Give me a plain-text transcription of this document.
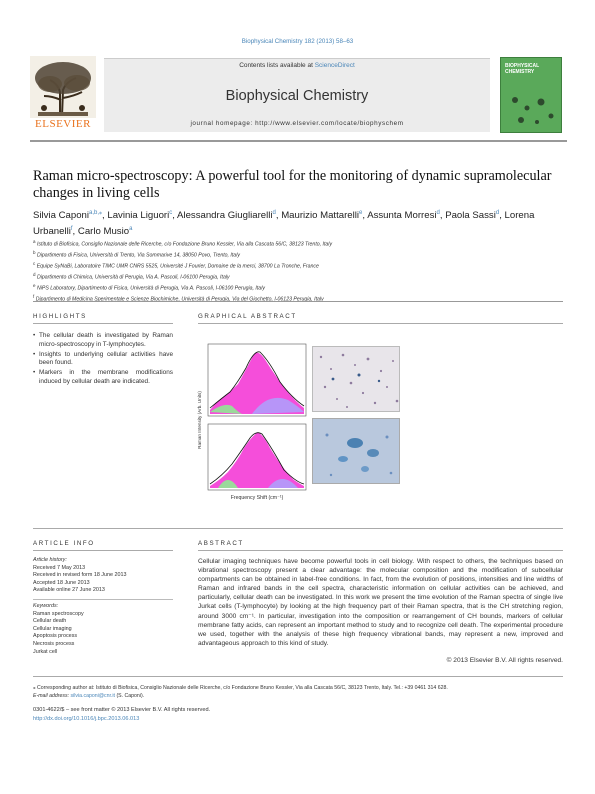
Biophysical Chemistry 182 (2013) 58–63
ELSEVIER
Contents lists available at ScienceDirect
Biophysical Chemistry
journal homepage: http://www.elsevier.com/locate/biophyschem
BIOPHYSICAL CHEMISTRY
Raman micro-spectroscopy: A powerful tool for the monitoring of dynamic supramolecular changes in living cells
Silvia Caponi$^{a,b,⁎}$, Lavinia Liguori$^c$, Alessandra Giugliarelli$^d$, Maurizio Mattarelli$^e$, Assunta Morresi$^d$, Paola Sassi$^d$, Lorena Urbanelli$^f$, Carlo Musio$^a$
$^a$ Istituto di Biofisica, Consiglio Nazionale delle Ricerche, c/o Fondazione Bruno Kessler, Via alla Cascata 56/C, 38123 Trento, Italy
$^b$ Dipartimento di Fisica, Università di Trento, Via Sommarive 14, 38050 Povo, Trento, Italy
$^c$ Equipe SyNaBi, Laboratoire TIMC UMR CNRS 5525, Université J Fourier, Domaine de la merci, 38700 La Tronche, France
$^d$ Dipartimento di Chimica, Università di Perugia, Via A. Pascoli, I-06100 Perugia, Italy
$^e$ NiPS Laboratory, Dipartimento di Fisica, Università di Perugia, Via A. Pascoli, I-06100 Perugia, Italy
$^f$ Dipartimento di Medicina Sperimentale e Scienze Biochimiche, Università di Perugia, Via del Giochetto, I-06123 Perugia, Italy
HIGHLIGHTS
• The cellular death is investigated by Raman micro-spectroscopy in T-lymphocytes.
• Insights to underlying cellular activities have been found.
• Markers in the membrane modifications induced by cellular death are indicated.
GRAPHICAL ABSTRACT
Raman Intensity (Arb. Units)
Frequency Shift (cm⁻¹)
ARTICLE INFO
Article history:
Received 7 May 2013
Received in revised form 18 June 2013
Accepted 18 June 2013
Available online 27 June 2013
Keywords:
Raman spectroscopy
Cellular death
Cellular imaging
Apoptosis process
Necrosis process
Jurkat cell
ABSTRACT
Cellular imaging techniques have become powerful tools in cell biology. With respect to others, the techniques based on vibrational spectroscopy present a clear advantage: the molecular composition and the modification of subcellular compartments can be obtained in label-free conditions. In fact, from the evolution of positions, intensities and line widths of Raman and infrared bands in the cell spectra, characteristic information on cellular activities can be achieved, and particularly, cellular death can be investigated. In this work we present the time evolution of the Raman spectra of single live Jurkat cells (T-lymphocyte) by looking at the high frequency part of their Raman spectra, that is the CH stretching region, around 3000 cm⁻¹. In particular, investigation into the composition or rearrangement of CH bounds, markers of cellular membrane fatty acids, can represent an important method to study and to recognize cell death. The experimental procedure we used, together with the analysis of these high frequency vibrational bands, may represent a new, improved and advantageous approach to this kind of study.
© 2013 Elsevier B.V. All rights reserved.
⁎ Corresponding author at: Istituto di Biofisica, Consiglio Nazionale delle Ricerche, c/o Fondazione Bruno Kessler, Via alla Cascata 56/C, 38123 Trento, Italy. Tel.: +39 0461 314 628.
E-mail address: silvia.caponi@cnr.it (S. Caponi).
0301-4622/$ – see front matter © 2013 Elsevier B.V. All rights reserved.
http://dx.doi.org/10.1016/j.bpc.2013.06.013
